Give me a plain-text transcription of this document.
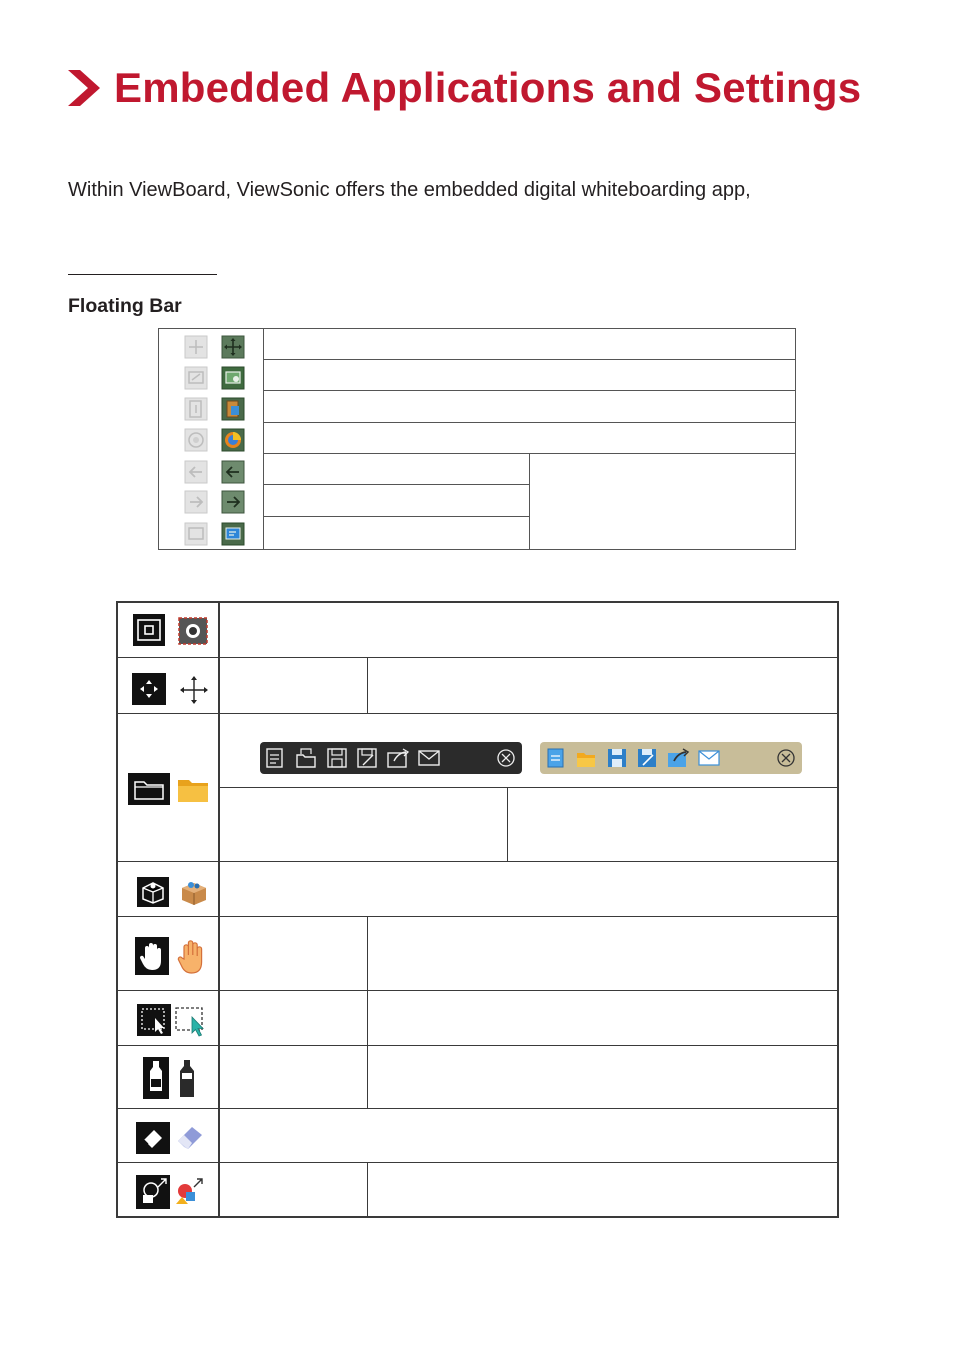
Embedded Applications and Settings
Within ViewBoard, ViewSonic offers the embedded digital whiteboarding app,
Floating Bar
